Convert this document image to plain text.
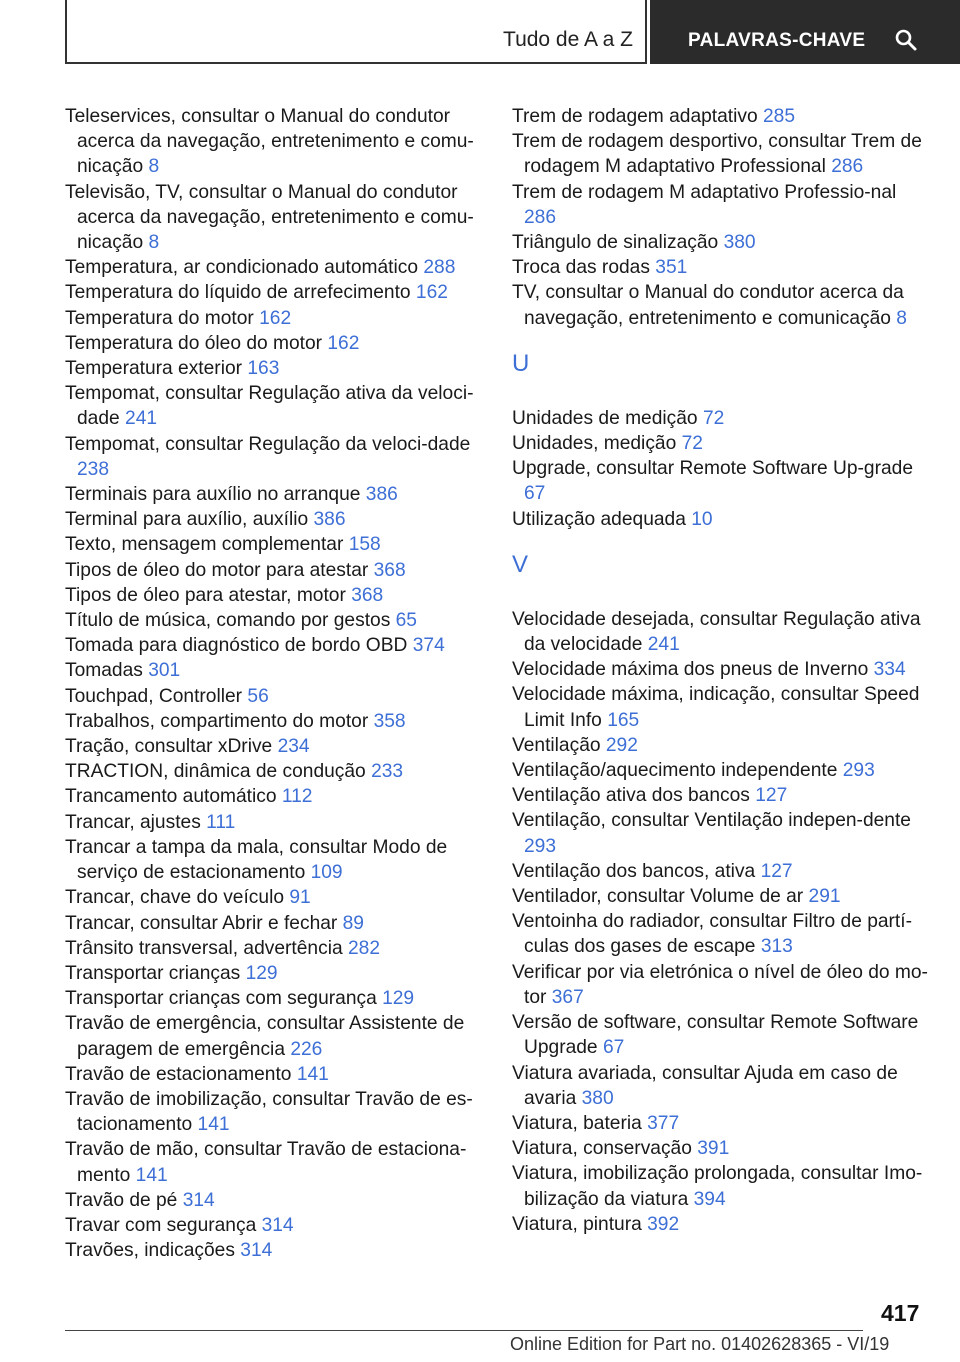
Tudo de A a Z	PALAVRAS-CHAVE
Teleservices, consultar o Manual do condutor acerca da navegação, entretenimento e comu‐nicação 8
Televisão, TV, consultar o Manual do condutor acerca da navegação, entretenimento e comu‐nicação 8
Temperatura, ar condicionado automático 288
Temperatura do líquido de arrefecimento 162
Temperatura do motor 162
Temperatura do óleo do motor 162
Temperatura exterior 163
Tempomat, consultar Regulação ativa da veloci‐dade 241
Tempomat, consultar Regulação da veloci‐dade 238
Terminais para auxílio no arranque 386
Terminal para auxílio, auxílio 386
Texto, mensagem complementar 158
Tipos de óleo do motor para atestar 368
Tipos de óleo para atestar, motor 368
Título de música, comando por gestos 65
Tomada para diagnóstico de bordo OBD 374
Tomadas 301
Touchpad, Controller 56
Trabalhos, compartimento do motor 358
Tração, consultar xDrive 234
TRACTION, dinâmica de condução 233
Trancamento automático 112
Trancar, ajustes 111
Trancar a tampa da mala, consultar Modo de serviço de estacionamento 109
Trancar, chave do veículo 91
Trancar, consultar Abrir e fechar 89
Trânsito transversal, advertência 282
Transportar crianças 129
Transportar crianças com segurança 129
Travão de emergência, consultar Assistente de paragem de emergência 226
Travão de estacionamento 141
Travão de imobilização, consultar Travão de es‐tacionamento 141
Travão de mão, consultar Travão de estaciona‐mento 141
Travão de pé 314
Travar com segurança 314
Travões, indicações 314
Trem de rodagem adaptativo 285
Trem de rodagem desportivo, consultar Trem de rodagem M adaptativo Professional 286
Trem de rodagem M adaptativo Professio‐nal 286
Triângulo de sinalização 380
Troca das rodas 351
TV, consultar o Manual do condutor acerca da navegação, entretenimento e comunicação 8
U
Unidades de medição 72
Unidades, medição 72
Upgrade, consultar Remote Software Up‐grade 67
Utilização adequada 10
V
Velocidade desejada, consultar Regulação ativa da velocidade 241
Velocidade máxima dos pneus de Inverno 334
Velocidade máxima, indicação, consultar Speed Limit Info 165
Ventilação 292
Ventilação/aquecimento independente 293
Ventilação ativa dos bancos 127
Ventilação, consultar Ventilação indepen‐dente 293
Ventilação dos bancos, ativa 127
Ventilador, consultar Volume de ar 291
Ventoinha do radiador, consultar Filtro de partí‐culas dos gases de escape 313
Verificar por via eletrónica o nível de óleo do mo‐tor 367
Versão de software, consultar Remote Software Upgrade 67
Viatura avariada, consultar Ajuda em caso de avaria 380
Viatura, bateria 377
Viatura, conservação 391
Viatura, imobilização prolongada, consultar Imo‐bilização da viatura 394
Viatura, pintura 392
417
Online Edition for Part no. 01402628365 - VI/19
